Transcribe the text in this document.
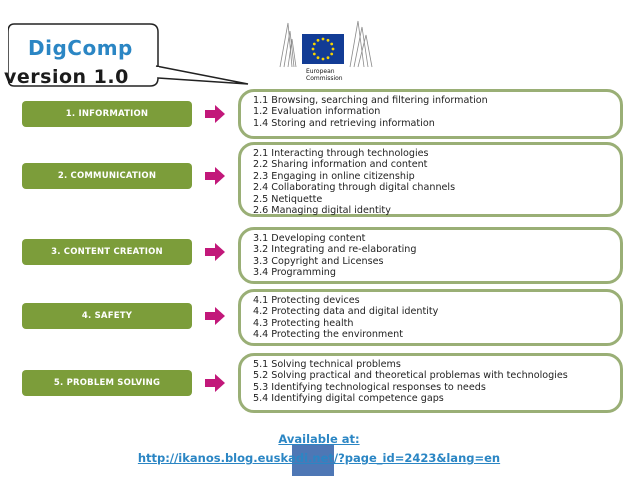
DigComp
version 1.0	European
Commission
1. INFORMATION
1.1 Browsing, searching and filtering information
1.2 Evaluation information
1.4 Storing and retrieving information
2. COMMUNICATION
2.1 Interacting through technologies
2.2 Sharing information and content
2.3 Engaging in online citizenship
2.4 Collaborating through digital channels
2.5 Netiquette
2.6 Managing digital identity
3. CONTENT CREATION
3.1 Developing content
3.2 Integrating and re-elaborating
3.3 Copyright and Licenses
3.4 Programming
4. SAFETY
4.1 Protecting devices
4.2 Protecting data and digital identity
4.3 Protecting health
4.4 Protecting the environment
5. PROBLEM SOLVING
5.1 Solving technical problems
5.2 Solving practical and theoretical problemas with technologies
5.3 Identifying technological responses to needs
5.4 Identifying digital competence gaps
Available at:
http://ikanos.blog.euskadi.net/?page_id=2423&lang=en
